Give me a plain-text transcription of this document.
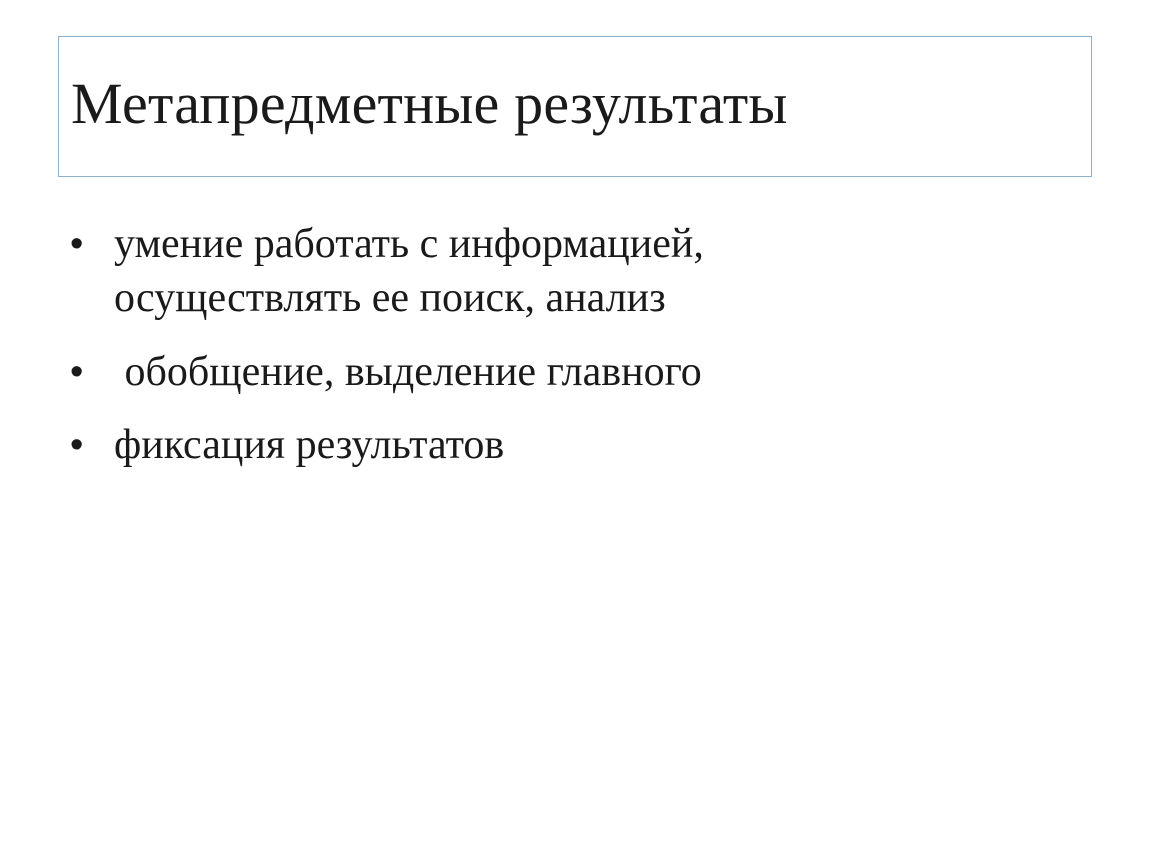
Метапредметные результаты
• умение работать с информацией,
осуществлять ее поиск, анализ
• обобщение, выделение главного
• фиксация результатов
